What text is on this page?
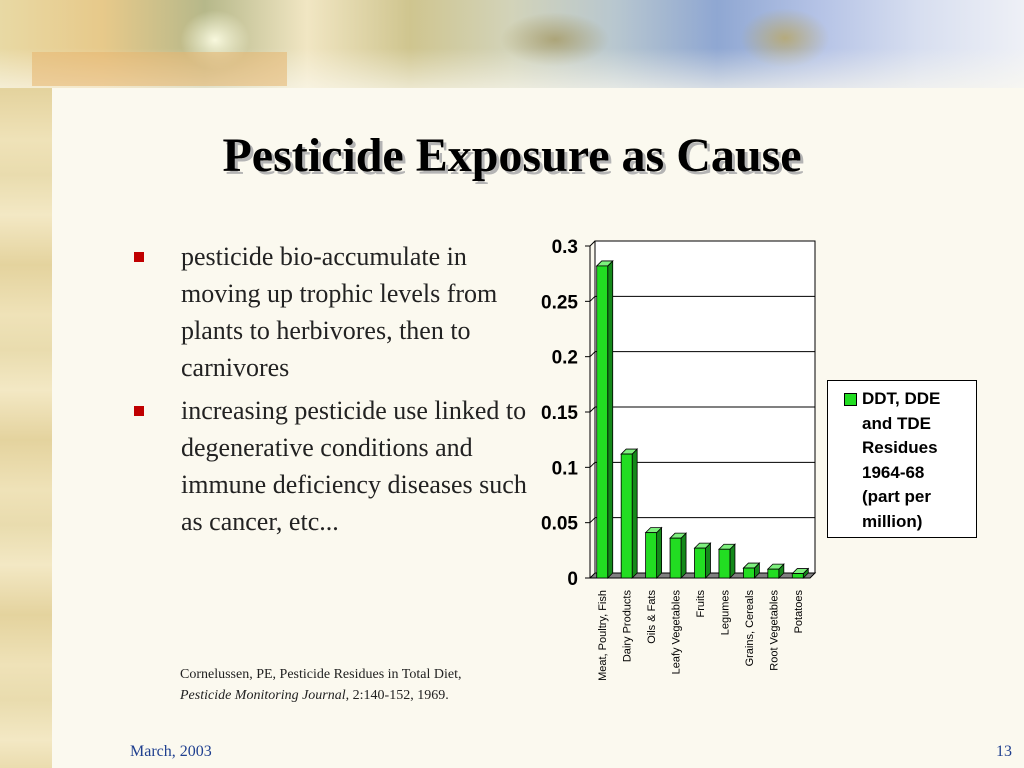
Pesticide Exposure as Cause
pesticide bio-accumulate in moving up trophic levels from plants to herbivores, then to carnivores
increasing pesticide use linked to degenerative conditions and immune deficiency diseases such as cancer, etc...
Cornelussen, PE, Pesticide Residues in Total Diet,
Pesticide Monitoring Journal, 2:140-152, 1969.
0
0.05
0.1
0.15
0.2
0.25
0.3
Meat, Poultry, Fish Dairy Products Oils & Fats Leafy Vegetables Fruits Legumes Grains, Cereals Root Vegetables Potatoes
DDT, DDE
and TDE
Residues
1964-68
(part per
million)
March, 2003	13
